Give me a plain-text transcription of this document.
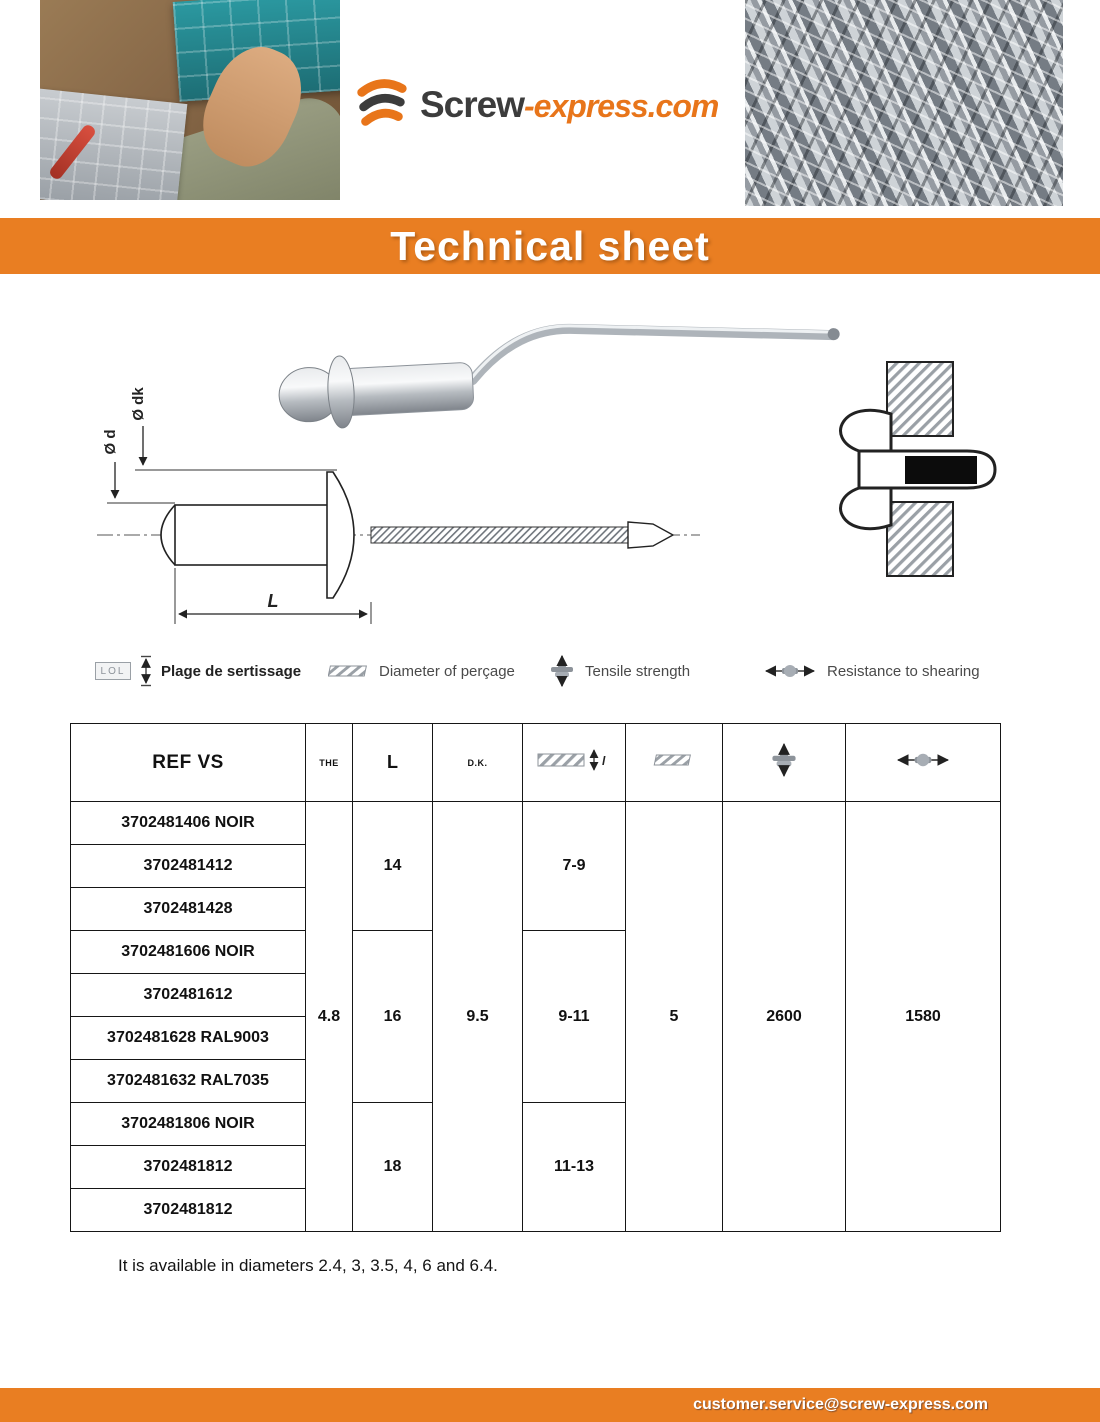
Screw-express.com
Technical sheet
Ø dk
Ø d
L
LOL	Plage de sertissage	Diameter of perçage	Tensile strength	Resistance to shearing
REF VS	THE	L	D.K.	l

3702481406 NOIR	4.8	14	9.5	7-9	5	2600	1580
3702481412							
3702481428							
3702481606 NOIR		16		9-11			
3702481612							
3702481628 RAL9003							
3702481632 RAL7035							
3702481806 NOIR		18		11-13			
3702481812							
3702481812							

It is available in diameters 2.4, 3, 3.5, 4, 6 and 6.4.

customer.service@screw-express.com
